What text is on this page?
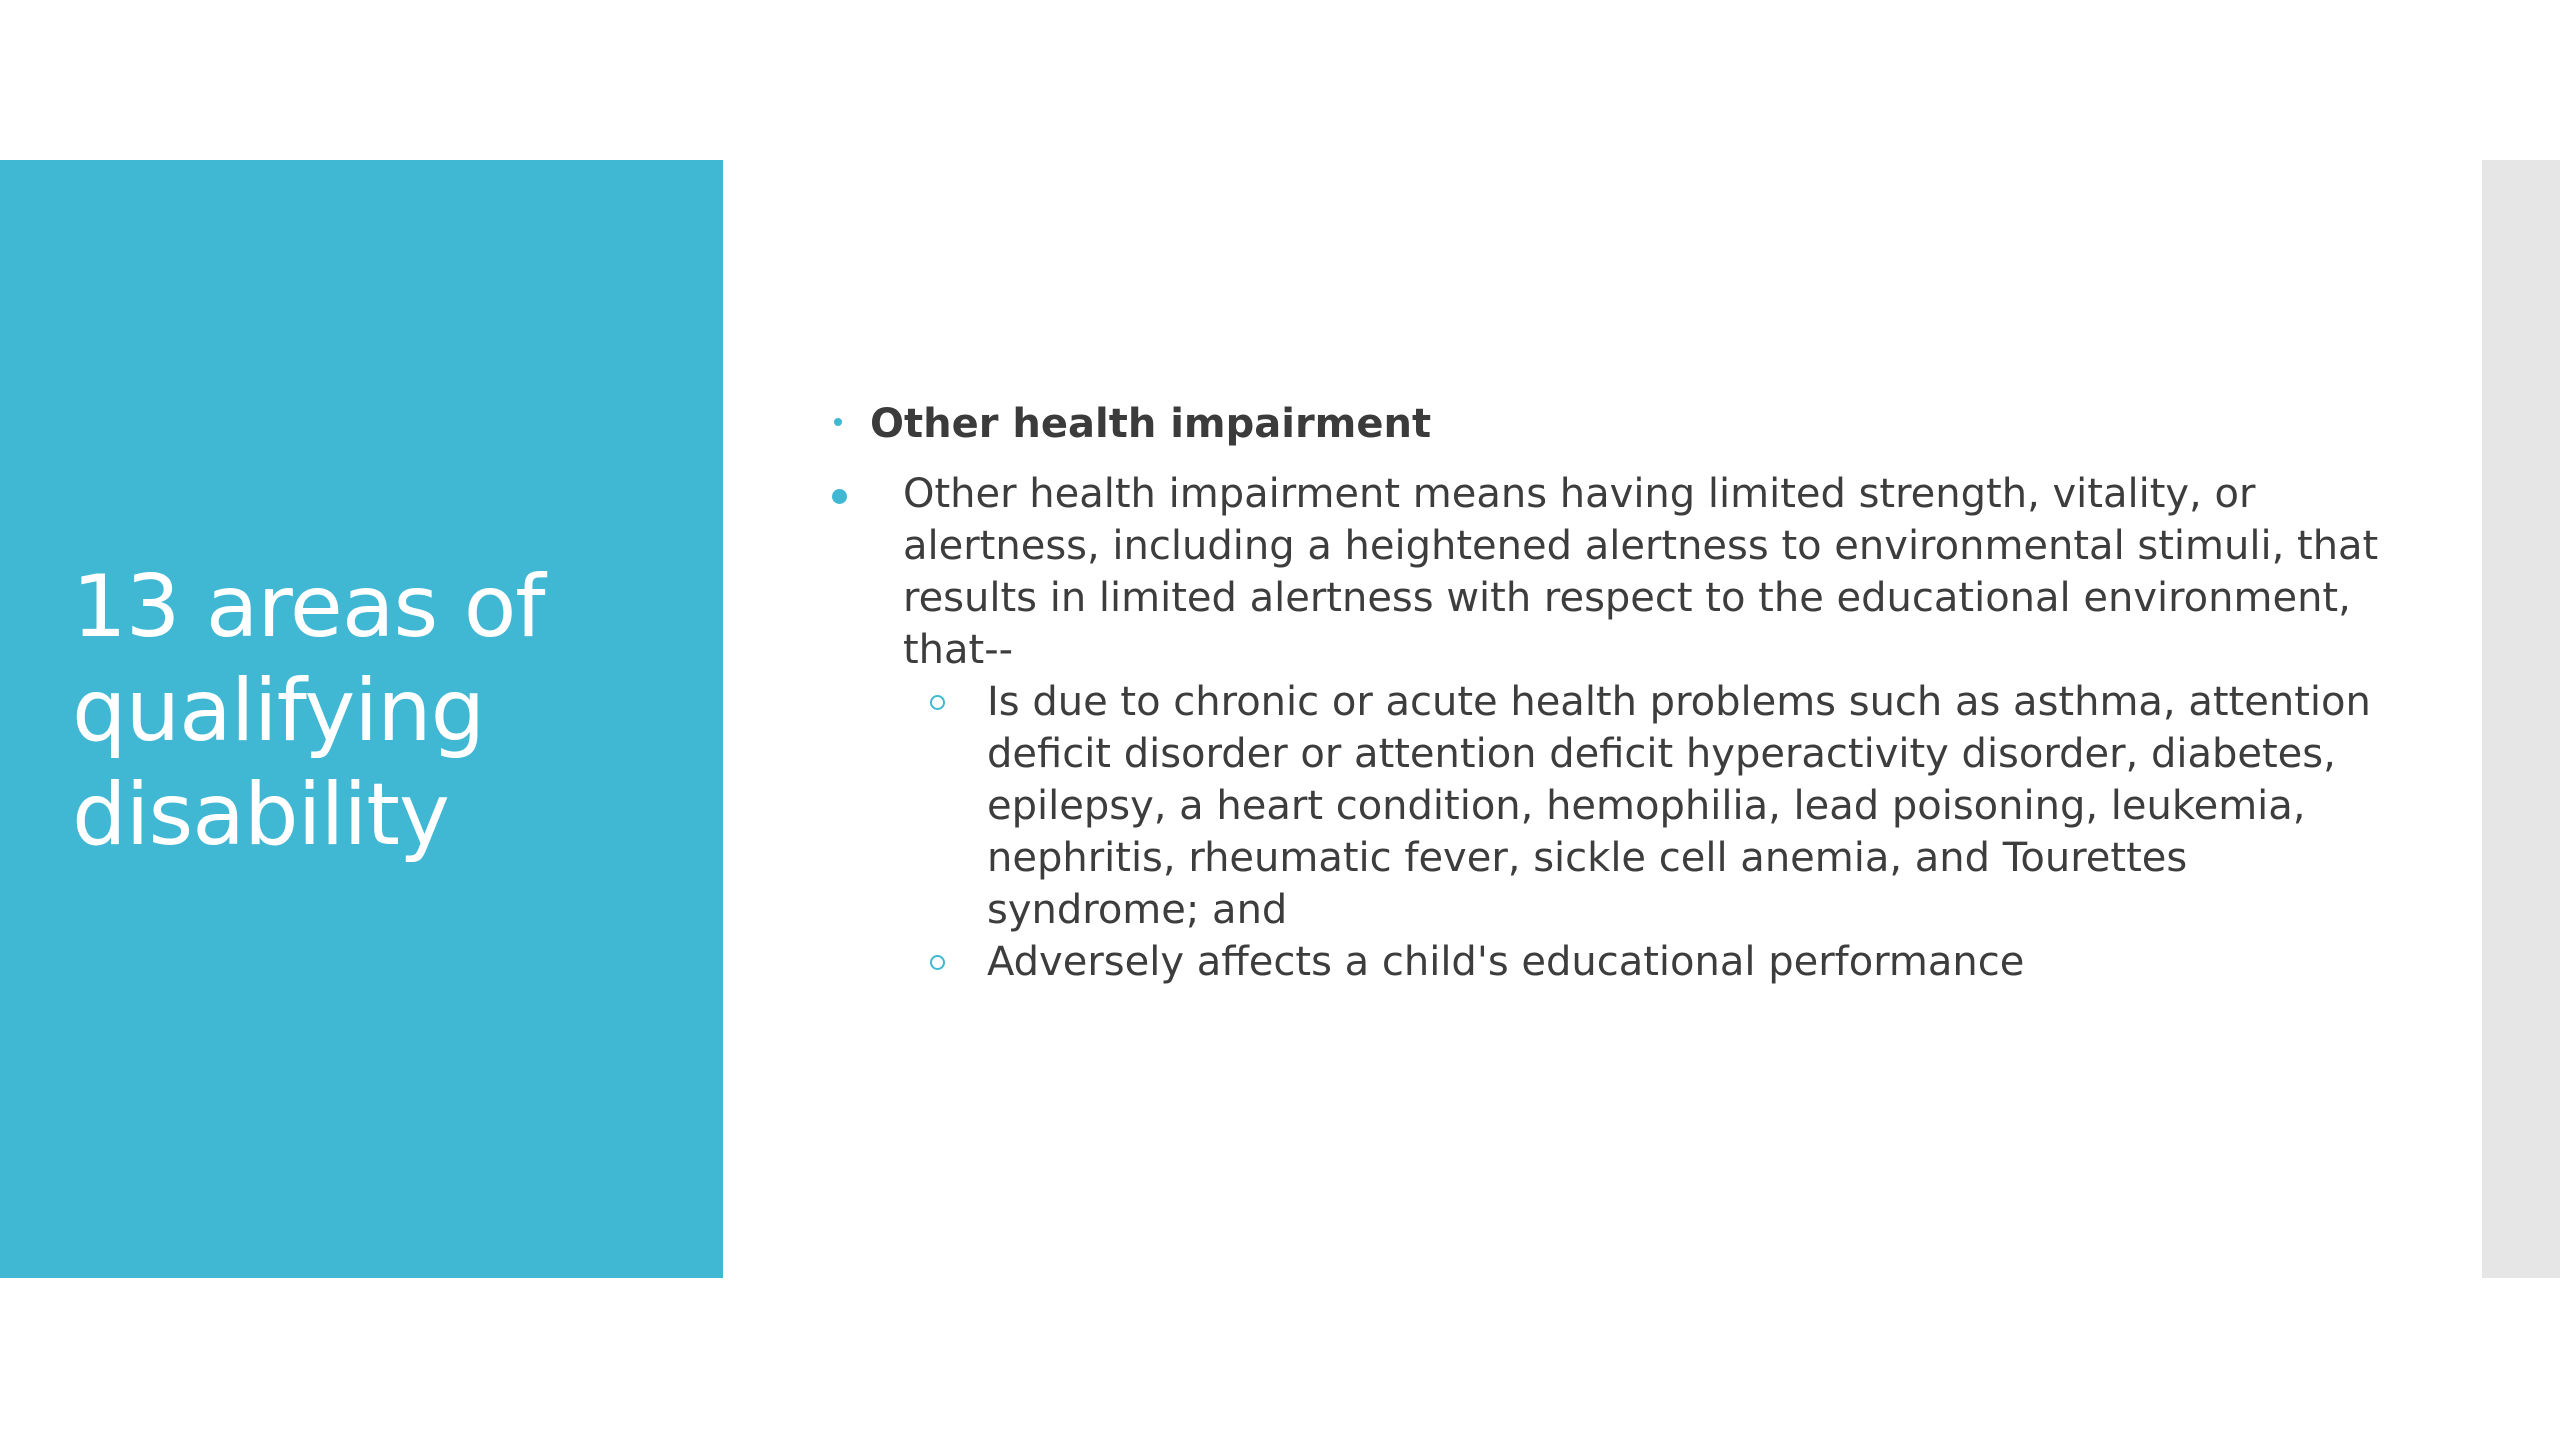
13 areas of qualifying disability
Other health impairment
Other health impairment means having limited strength, vitality, or alertness, including a heightened alertness to environmental stimuli, that results in limited alertness with respect to the educational environment, that--
Is due to chronic or acute health problems such as asthma, attention deficit disorder or attention deficit hyperactivity disorder, diabetes, epilepsy, a heart condition, hemophilia, lead poisoning, leukemia, nephritis, rheumatic fever, sickle cell anemia, and Tourettes syndrome; and
Adversely affects a child's educational performance
